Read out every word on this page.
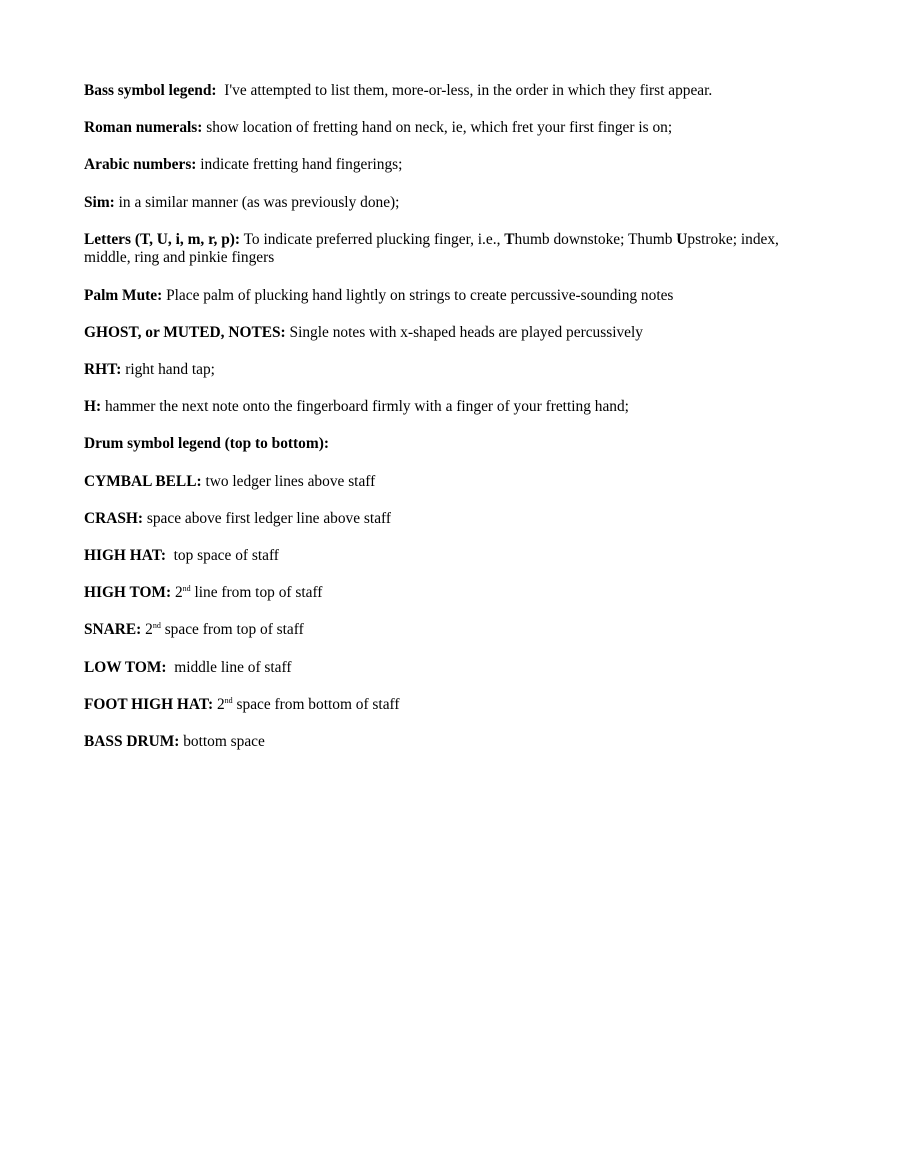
Bass symbol legend:  I've attempted to list them, more-or-less, in the order in which they first appear.

Roman numerals: show location of fretting hand on neck, ie, which fret your first finger is on;

Arabic numbers: indicate fretting hand fingerings;

Sim: in a similar manner (as was previously done);

Letters (T, U, i, m, r, p): To indicate preferred plucking finger, i.e., Thumb downstoke; Thumb Upstroke; index, middle, ring and pinkie fingers

Palm Mute: Place palm of plucking hand lightly on strings to create percussive-sounding notes

GHOST, or MUTED, NOTES: Single notes with x-shaped heads are played percussively

RHT: right hand tap;

H: hammer the next note onto the fingerboard firmly with a finger of your fretting hand;

Drum symbol legend (top to bottom):

CYMBAL BELL: two ledger lines above staff

CRASH: space above first ledger line above staff

HIGH HAT:  top space of staff

HIGH TOM: 2nd line from top of staff

SNARE: 2nd space from top of staff

LOW TOM:  middle line of staff

FOOT HIGH HAT: 2nd space from bottom of staff

BASS DRUM: bottom space
